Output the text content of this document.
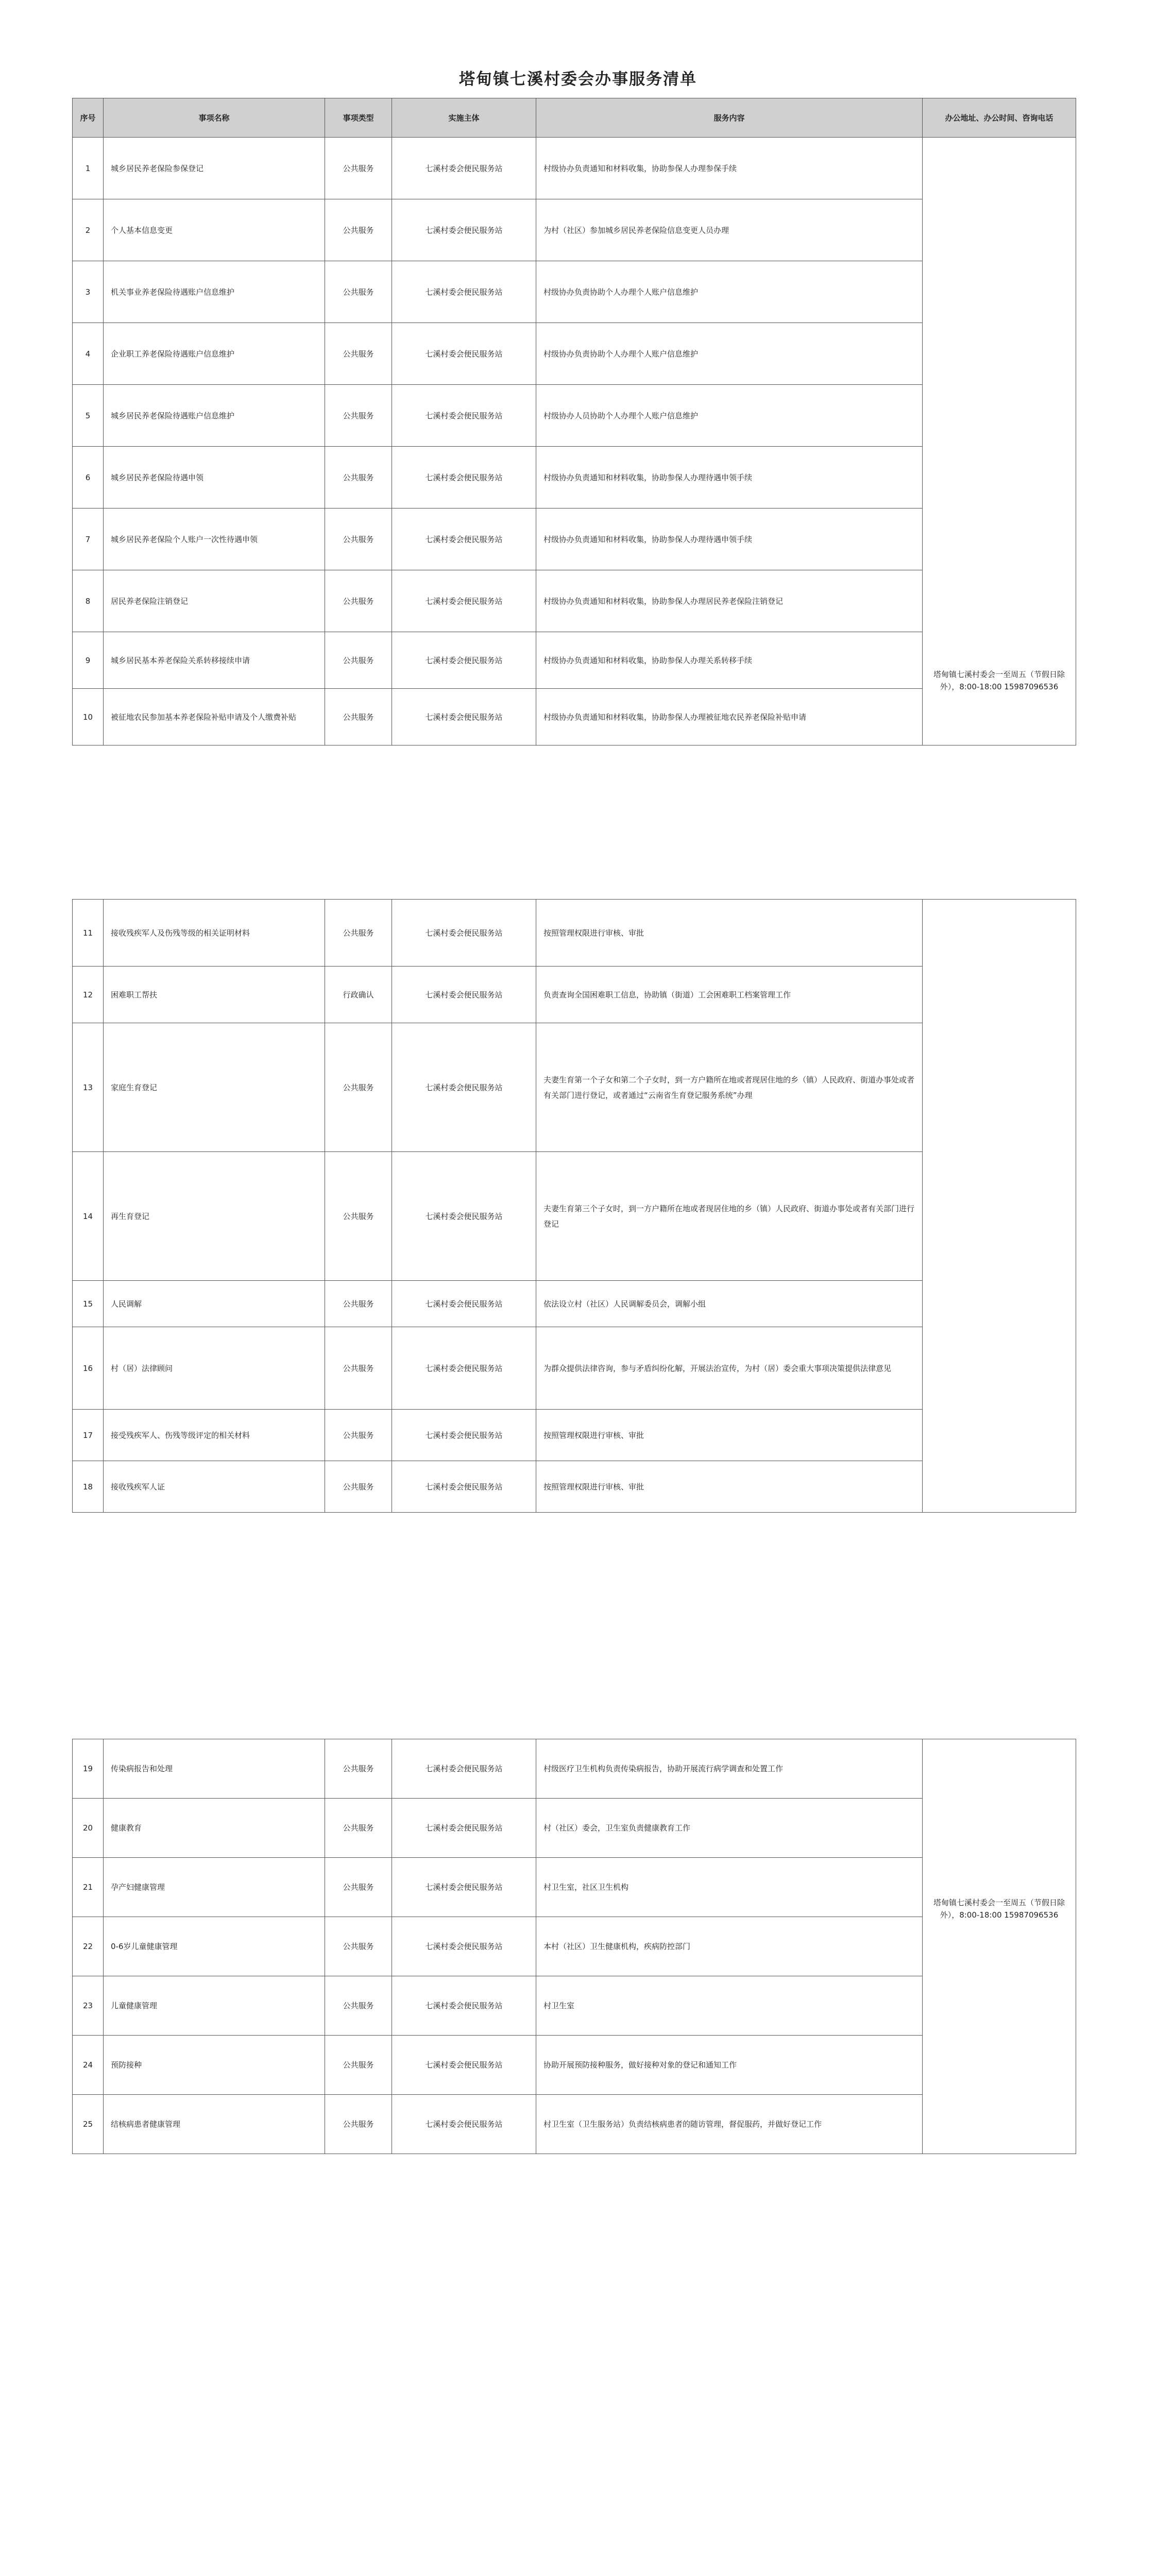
塔甸镇七溪村委会办事服务清单
序号	事项名称	事项类型	实施主体	服务内容	办公地址、办公时间、咨询电话
1	城乡居民养老保险参保登记	公共服务	七溪村委会便民服务站	村级协办负责通知和材料收集，协助参保人办理参保手续	塔甸镇七溪村委会一至周五（节假日除外），8:00-18:00 15987096536

2	个人基本信息变更	公共服务	七溪村委会便民服务站	为村（社区）参加城乡居民养老保险信息变更人员办理	
3	机关事业养老保险待遇账户信息维护	公共服务	七溪村委会便民服务站	村级协办负责协助个人办理个人账户信息维护	
4	企业职工养老保险待遇账户信息维护	公共服务	七溪村委会便民服务站	村级协办负责协助个人办理个人账户信息维护	
5	城乡居民养老保险待遇账户信息维护	公共服务	七溪村委会便民服务站	村级协办人员协助个人办理个人账户信息维护	
6	城乡居民养老保险待遇申领	公共服务	七溪村委会便民服务站	村级协办负责通知和材料收集，协助参保人办理待遇申领手续	
7	城乡居民养老保险个人账户一次性待遇申领	公共服务	七溪村委会便民服务站	村级协办负责通知和材料收集，协助参保人办理待遇申领手续	
8	居民养老保险注销登记	公共服务	七溪村委会便民服务站	村级协办负责通知和材料收集，协助参保人办理居民养老保险注销登记	
9	城乡居民基本养老保险关系转移接续申请	公共服务	七溪村委会便民服务站	村级协办负责通知和材料收集，协助参保人办理关系转移手续	
10	被征地农民参加基本养老保险补贴申请及个人缴费补贴	公共服务	七溪村委会便民服务站	村级协办负责通知和材料收集，协助参保人办理被征地农民养老保险补贴申请	
11	接收残疾军人及伤残等级的相关证明材料	公共服务	七溪村委会便民服务站	按照管理权限进行审核、审批	

12	困难职工帮扶	行政确认	七溪村委会便民服务站	负责查询全国困难职工信息，协助镇（街道）工会困难职工档案管理工作	
13	家庭生育登记	公共服务	七溪村委会便民服务站	夫妻生育第一个子女和第二个子女时，到一方户籍所在地或者现居住地的乡（镇）人民政府、街道办事处或者有关部门进行登记，或者通过“云南省生育登记服务系统”办理	
14	再生育登记	公共服务	七溪村委会便民服务站	夫妻生育第三个子女时，到一方户籍所在地或者现居住地的乡（镇）人民政府、街道办事处或者有关部门进行登记	
15	人民调解	公共服务	七溪村委会便民服务站	依法设立村（社区）人民调解委员会，调解小组	
16	村（居）法律顾问	公共服务	七溪村委会便民服务站	为群众提供法律咨询，参与矛盾纠纷化解，开展法治宣传，为村（居）委会重大事项决策提供法律意见	
17	接受残疾军人、伤残等级评定的相关材料	公共服务	七溪村委会便民服务站	按照管理权限进行审核、审批	
18	接收残疾军人证	公共服务	七溪村委会便民服务站	按照管理权限进行审核、审批	
19	传染病报告和处理	公共服务	七溪村委会便民服务站	村级医疗卫生机构负责传染病报告，协助开展流行病学调查和处置工作	塔甸镇七溪村委会一至周五（节假日除外），8:00-18:00 15987096536

20	健康教育	公共服务	七溪村委会便民服务站	村（社区）委会，卫生室负责健康教育工作	
21	孕产妇健康管理	公共服务	七溪村委会便民服务站	村卫生室，社区卫生机构	
22	0-6岁儿童健康管理	公共服务	七溪村委会便民服务站	本村（社区）卫生健康机构，疾病防控部门	
23	儿童健康管理	公共服务	七溪村委会便民服务站	村卫生室	
24	预防接种	公共服务	七溪村委会便民服务站	协助开展预防接种服务，做好接种对象的登记和通知工作	
25	结核病患者健康管理	公共服务	七溪村委会便民服务站	村卫生室（卫生服务站）负责结核病患者的随访管理，督促服药，并做好登记工作	
